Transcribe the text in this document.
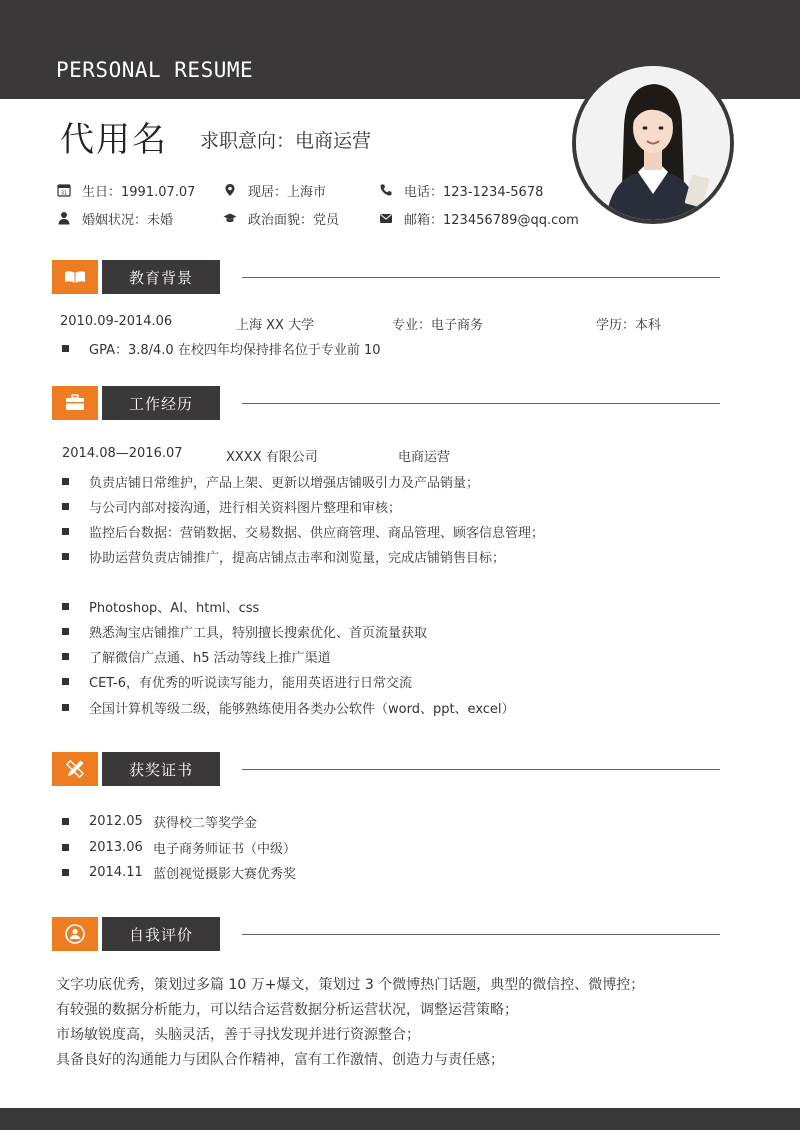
PERSONAL RESUME
代用名 求职意向：电商运营
31 生日：1991.07.07	现居：上海市	电话：123-1234-5678
婚姻状况：未婚	政治面貌：党员	邮箱：123456789@qq.com
教育背景
2010.09-2014.06	上海 XX 大学	专业：电子商务	学历：本科
GPA：3.8/4.0 在校四年均保持排名位于专业前 10
工作经历
2014.08—2016.07	XXXX 有限公司	电商运营
负责店铺日常维护，产品上架、更新以增强店铺吸引力及产品销量；
与公司内部对接沟通，进行相关资料图片整理和审核；
监控后台数据：营销数据、交易数据、供应商管理、商品管理、顾客信息管理；
协助运营负责店铺推广，提高店铺点击率和浏览量，完成店铺销售目标；
Photoshop、AI、html、css
熟悉淘宝店铺推广工具，特别擅长搜索优化、首页流量获取
了解微信广点通、h5 活动等线上推广渠道
CET-6，有优秀的听说读写能力，能用英语进行日常交流
全国计算机等级二级，能够熟练使用各类办公软件（word、ppt、excel）
获奖证书
2012.05 获得校二等奖学金
2013.06 电子商务师证书（中级）
2014.11 蓝创视觉摄影大赛优秀奖
自我评价
文字功底优秀，策划过多篇 10 万+爆文，策划过 3 个微博热门话题，典型的微信控、微博控；
有较强的数据分析能力，可以结合运营数据分析运营状况，调整运营策略；
市场敏锐度高，头脑灵活，善于寻找发现并进行资源整合；
具备良好的沟通能力与团队合作精神，富有工作激情、创造力与责任感；
